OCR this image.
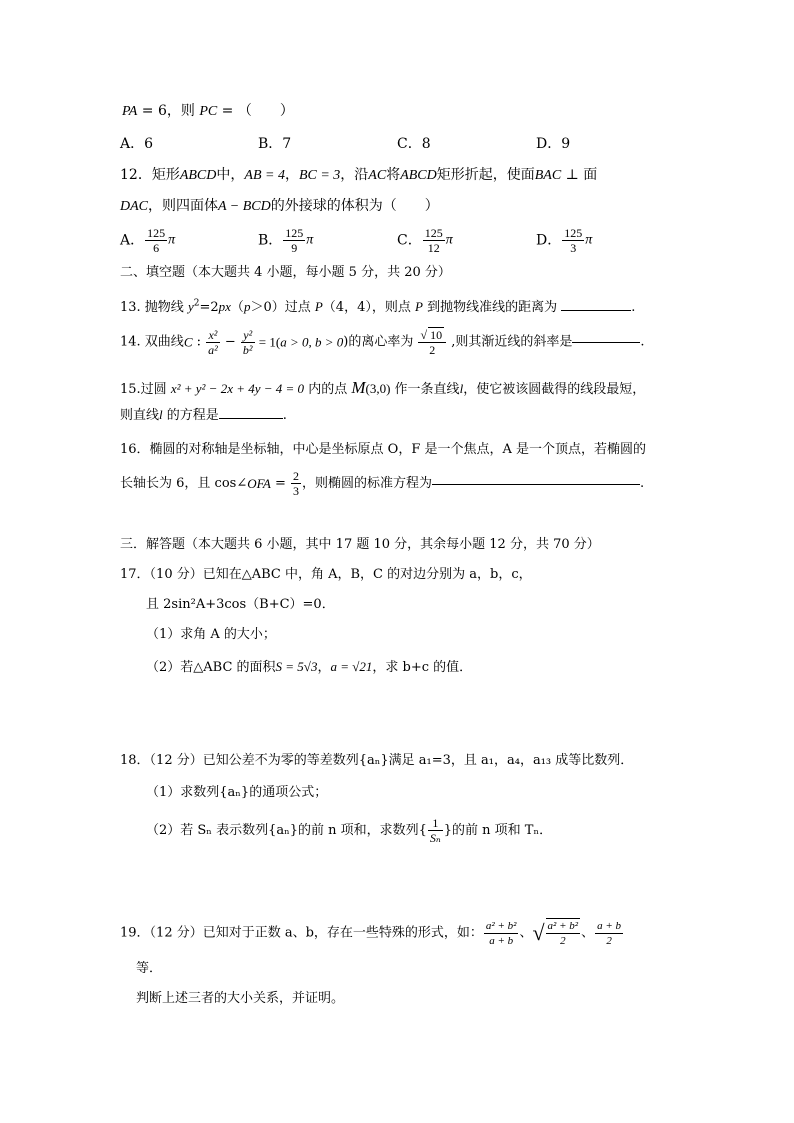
PA = 6，则 PC = （　　）
A．6	B．7	C．8	D．9
12．矩形ABCD中，AB = 4，BC = 3，沿AC将ABCD矩形折起，使面BAC ⊥ 面
DAC，则四面体A − BCD的外接球的体积为（　　）
A． $\frac{125}{6}$ π	B． $\frac{125}{9}$ π	C． $\frac{125}{12}$ π	D． $\frac{125}{3}$ π
二、填空题（本大题共 4 小题，每小题 5 分，共 20 分）
13. 抛物线 $y^2=2px(p>0)$过点 P（4，4），则点 P 到抛物线准线的距离为	.
14. 双曲线C : $\frac{\text{x²}}{\text{a²}} - \frac{\text{y²}}{\text{b²}} = 1(a > 0$, b > 0)的离心率为 $\frac{√ 10}{2}$ ,则其渐近线的斜率是	.
15.过圆 x² + y² − 2x + 4y − 4 = 0 内的点 M(3,0) 作一条直线l，使它被该圆截得的线段最短，
则直线l 的方程是	.
16．椭圆的对称轴是坐标轴，中心是坐标原点 O，F 是一个焦点，A 是一个顶点，若椭圆的
长轴长为 6，且 cos∠OFA = $\frac{2}{3}$ ，则椭圆的标准方程为	.
三．解答题（本大题共 6 小题，其中 17 题 10 分，其余每小题 12 分，共 70 分）
17．（10 分）已知在△ABC 中，角 A，B，C 的对边分别为 a，b，c，
且 2sin²A+3cos（B+C）=0．
（1）求角 A 的大小；
（2）若△ABC 的面积S = 5√3，a = √21，求 b+c 的值．
18．（12 分）已知公差不为零的等差数列{aₙ}满足 a₁=3，且 a₁，a₄，a₁₃ 成等比数列．
（1）求数列{aₙ}的通项公式；
（2）若 Sₙ 表示数列{aₙ}的前 n 项和，求数列{ $\frac{1}{\text{Sₙ}}$ }的前 n 项和 Tₙ．
19．（12 分）已知对于正数 a、b，存在一些特殊的形式，如： $\frac{\text{a² + b²}}{a + b}$ 、√ $\frac{\text{a² + b²}}{2}$ 、 $\frac{a + b}{2}$
等．
判断上述三者的大小关系，并证明。
